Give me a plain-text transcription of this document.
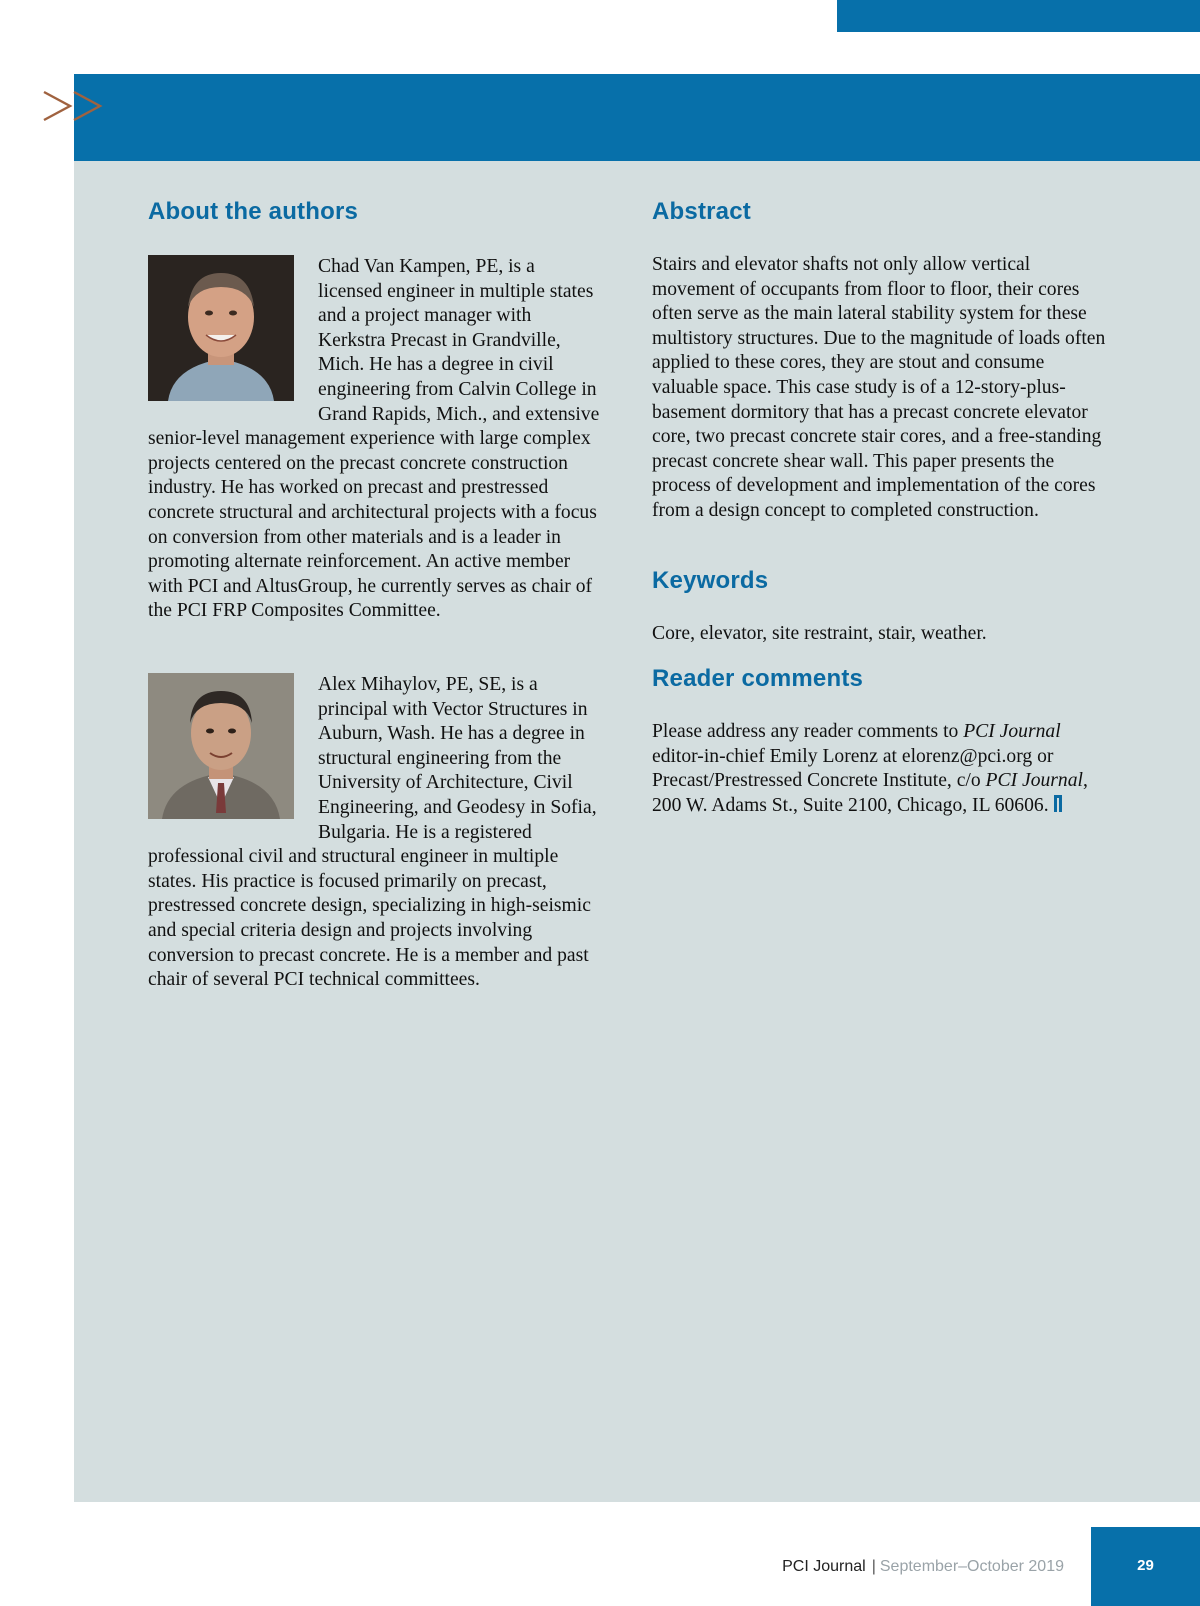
About the authors

Chad Van Kampen, PE, is a licensed engineer in multiple states and a project manager with Kerkstra Precast in Grandville, Mich. He has a degree in civil engineering from Calvin College in Grand Rapids, Mich., and extensive senior-level management experience with large complex projects centered on the precast concrete construction industry. He has worked on precast and prestressed concrete structural and architectural projects with a focus on conversion from other materials and is a leader in promoting alternate reinforcement. An active member with PCI and AltusGroup, he currently serves as chair of the PCI FRP Composites Committee.

Alex Mihaylov, PE, SE, is a principal with Vector Structures in Auburn, Wash. He has a degree in structural engineering from the University of Architecture, Civil Engineering, and Geodesy in Sofia, Bulgaria. He is a registered professional civil and structural engineer in multiple states. His practice is focused primarily on precast, prestressed concrete design, specializing in high-seismic and special criteria design and projects involving conversion to precast concrete. He is a member and past chair of several PCI technical committees.

Abstract

Stairs and elevator shafts not only allow vertical movement of occupants from floor to floor, their cores often serve as the main lateral stability system for these multistory structures. Due to the magnitude of loads often applied to these cores, they are stout and consume valuable space. This case study is of a 12-story-plus-basement dormitory that has a precast concrete elevator core, two precast concrete stair cores, and a free-standing precast concrete shear wall. This paper presents the process of development and implementation of the cores from a design concept to completed construction.

Keywords

Core, elevator, site restraint, stair, weather.

Reader comments

Please address any reader comments to PCI Journal editor-in-chief Emily Lorenz at elorenz@pci.org or Precast/Prestressed Concrete Institute, c/o PCI Journal, 200 W. Adams St., Suite 2100, Chicago, IL 60606.

PCI Journal | September–October 2019	29
